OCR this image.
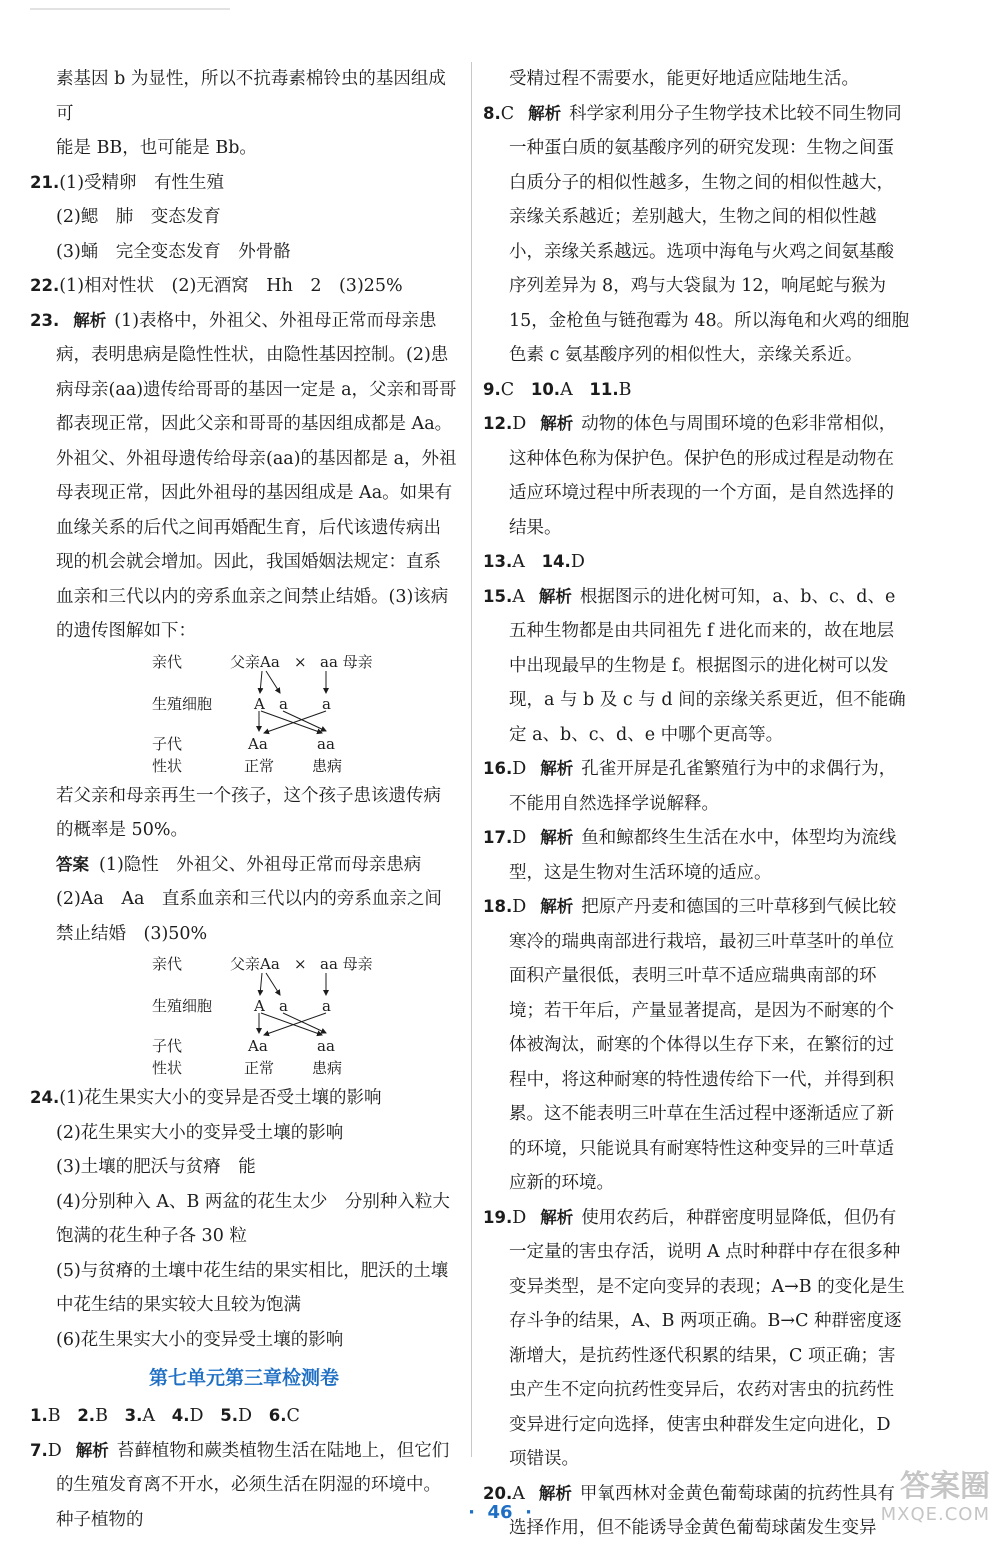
素基因 b 为显性，所以不抗毒素棉铃虫的基因组成可

能是 BB，也可能是 Bb。

21.(1)受精卵　有性生殖

(2)鳃　肺　变态发育

(3)蛹　完全变态发育　外骨骼

22.(1)相对性状　(2)无酒窝　Hh　2　(3)25%

23. 解析 (1)表格中，外祖父、外祖母正常而母亲患病，表明患病是隐性性状，由隐性基因控制。(2)患病母亲(aa)遗传给哥哥的基因一定是 a，父亲和哥哥都表现正常，因此父亲和哥哥的基因组成都是 Aa。外祖父、外祖母遗传给母亲(aa)的基因都是 a，外祖母表现正常，因此外祖母的基因组成是 Aa。如果有血缘关系的后代之间再婚配生育，后代该遗传病出现的机会就会增加。因此，我国婚姻法规定：直系血亲和三代以内的旁系血亲之间禁止结婚。(3)该病的遗传图解如下：

亲代	父亲Aa × aa 母亲
生殖细胞	A a a
子代	Aa	aa
性状	正常	患病

若父亲和母亲再生一个孩子，这个孩子患该遗传病的概率是 50%。

答案 (1)隐性　外祖父、外祖母正常而母亲患病

(2)Aa　Aa　直系血亲和三代以内的旁系血亲之间禁止结婚　(3)50%

亲代	父亲Aa × aa 母亲
生殖细胞	A a a
子代	Aa	aa
性状	正常	患病

24.(1)花生果实大小的变异是否受土壤的影响

(2)花生果实大小的变异受土壤的影响

(3)土壤的肥沃与贫瘠　能

(4)分别种入 A、B 两盆的花生太少　分别种入粒大饱满的花生种子各 30 粒

(5)与贫瘠的土壤中花生结的果实相比，肥沃的土壤中花生结的果实较大且较为饱满

(6)花生果实大小的变异受土壤的影响

第七单元第三章检测卷

1.B 2.B 3.A 4.D 5.D 6.C

7.D 解析 苔藓植物和蕨类植物生活在陆地上，但它们的生殖发育离不开水，必须生活在阴湿的环境中。种子植物的

受精过程不需要水，能更好地适应陆地生活。

8.C 解析 科学家利用分子生物学技术比较不同生物同一种蛋白质的氨基酸序列的研究发现：生物之间蛋白质分子的相似性越多，生物之间的相似性越大，亲缘关系越近；差别越大，生物之间的相似性越小，亲缘关系越远。选项中海龟与火鸡之间氨基酸序列差异为 8，鸡与大袋鼠为 12，响尾蛇与猴为 15，金枪鱼与链孢霉为 48。所以海龟和火鸡的细胞色素 c 氨基酸序列的相似性大，亲缘关系近。

9.C 10.A 11.B

12.D 解析 动物的体色与周围环境的色彩非常相似，这种体色称为保护色。保护色的形成过程是动物在适应环境过程中所表现的一个方面，是自然选择的结果。

13.A 14.D

15.A 解析 根据图示的进化树可知，a、b、c、d、e 五种生物都是由共同祖先 f 进化而来的，故在地层中出现最早的生物是 f。根据图示的进化树可以发现，a 与 b 及 c 与 d 间的亲缘关系更近，但不能确定 a、b、c、d、e 中哪个更高等。

16.D 解析 孔雀开屏是孔雀繁殖行为中的求偶行为，不能用自然选择学说解释。

17.D 解析 鱼和鲸都终生生活在水中，体型均为流线型，这是生物对生活环境的适应。

18.D 解析 把原产丹麦和德国的三叶草移到气候比较寒冷的瑞典南部进行栽培，最初三叶草茎叶的单位面积产量很低，表明三叶草不适应瑞典南部的环境；若干年后，产量显著提高，是因为不耐寒的个体被淘汰，耐寒的个体得以生存下来，在繁衍的过程中，将这种耐寒的特性遗传给下一代，并得到积累。这不能表明三叶草在生活过程中逐渐适应了新的环境，只能说具有耐寒特性这种变异的三叶草适应新的环境。

19.D 解析 使用农药后，种群密度明显降低，但仍有一定量的害虫存活，说明 A 点时种群中存在很多种变异类型，是不定向变异的表现；A→B 的变化是生存斗争的结果，A、B 两项正确。B→C 种群密度逐渐增大，是抗药性逐代积累的结果，C 项正确；害虫产生不定向抗药性变异后，农药对害虫的抗药性变异进行定向选择，使害虫种群发生定向进化，D 项错误。

20.A 解析 甲氧西林对金黄色葡萄球菌的抗药性具有选择作用，但不能诱导金黄色葡萄球菌发生变异

·  46  ·
答案圈
MXQE.COM
